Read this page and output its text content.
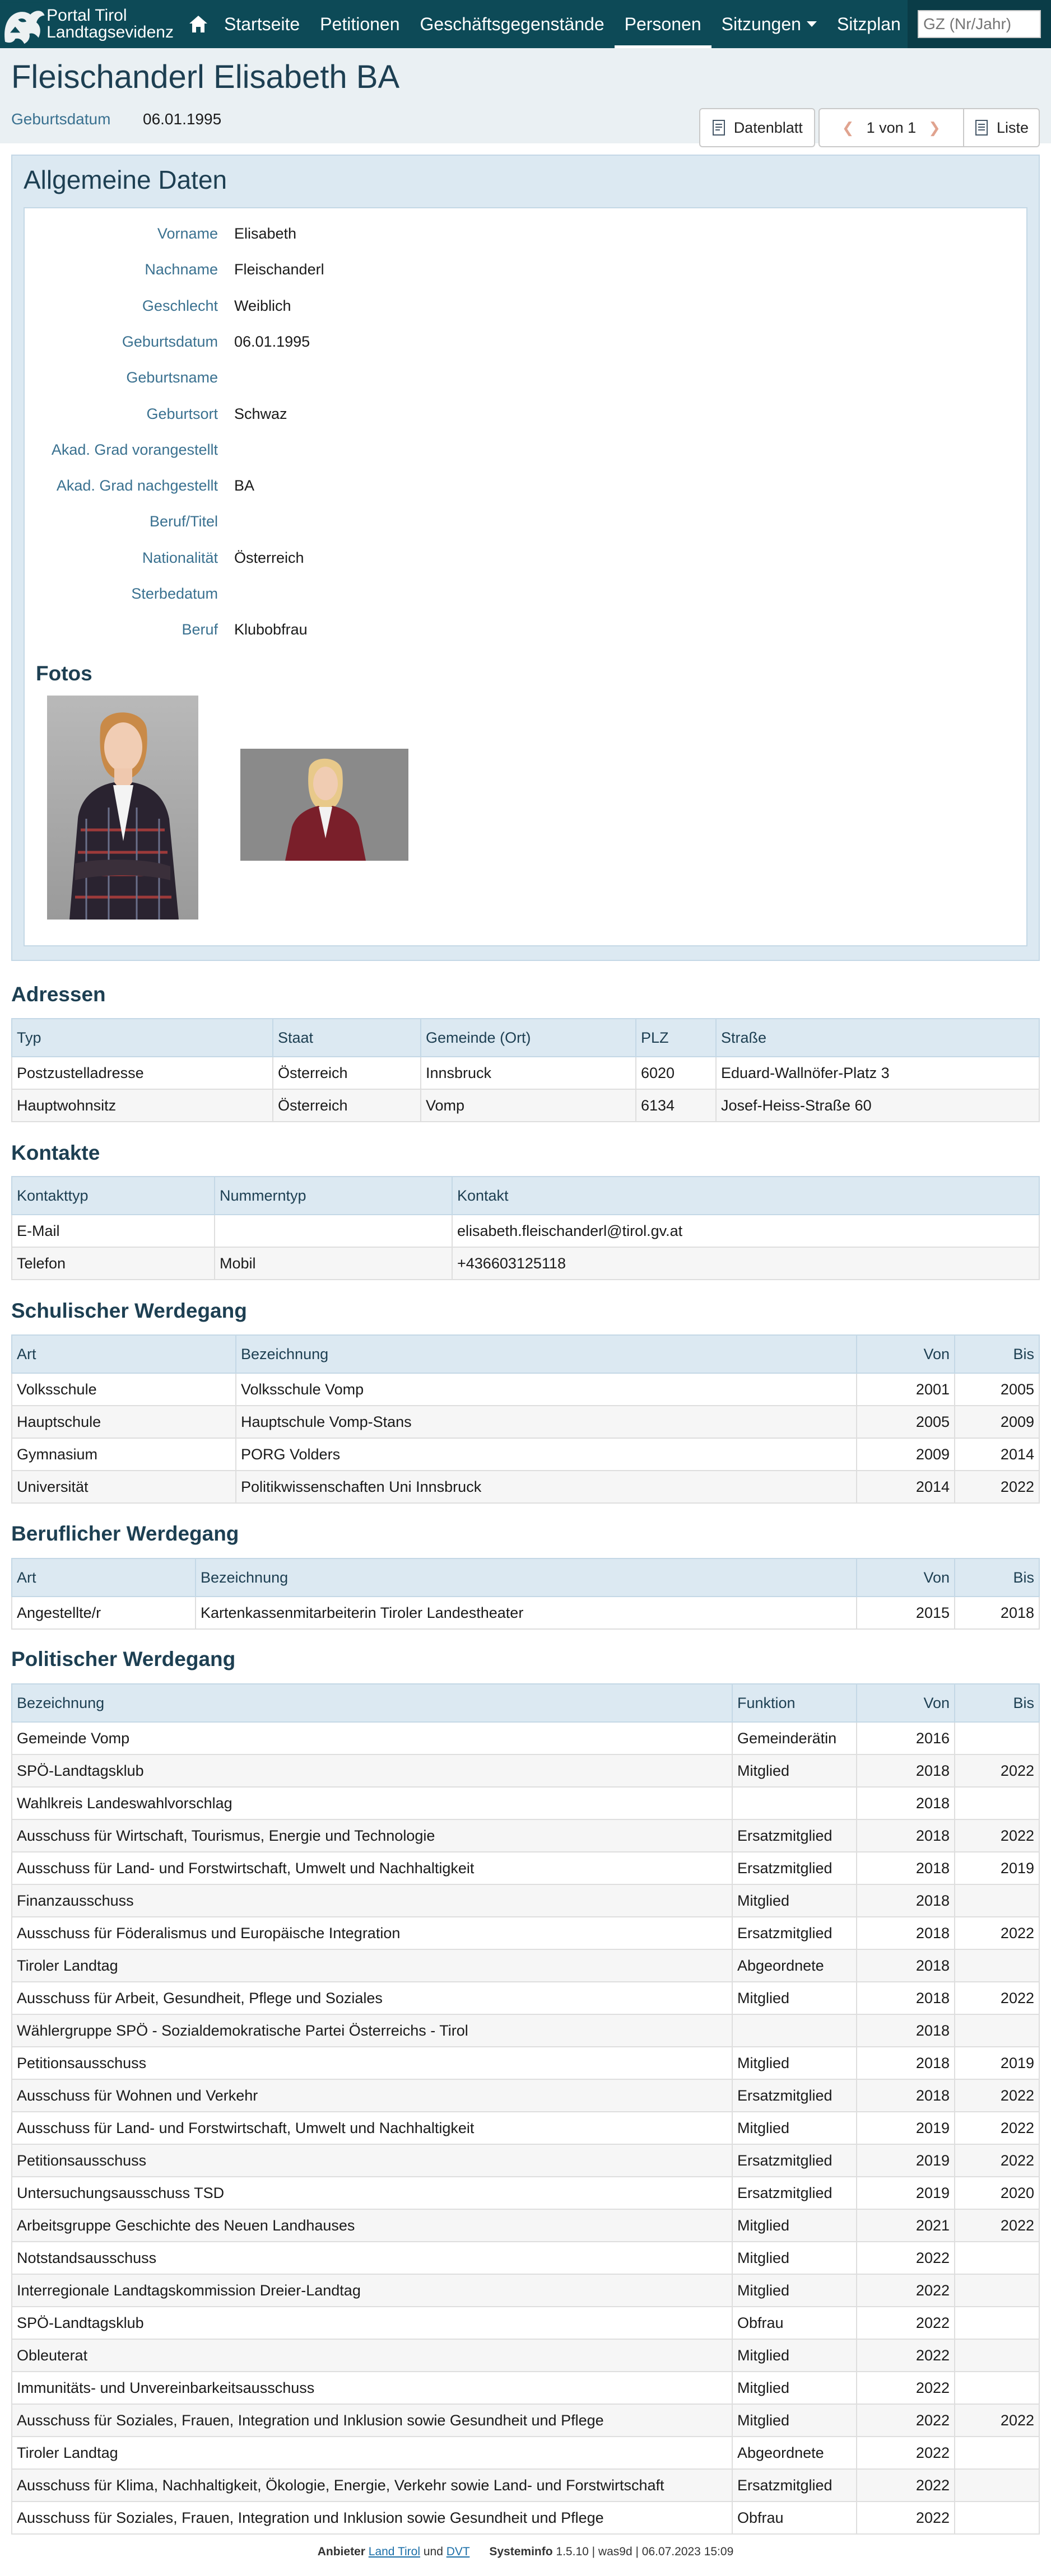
Portal Tirol
Landtagsevidenz	Startseite	Petitionen	Geschäftsgegenstände	Personen	Sitzungen	Sitzplan
GZ (Nr/Jahr)
Fleischanderl Elisabeth BA
Geburtsdatum 06.01.1995	Datenblatt	❮ 1 von 1 ❯	Liste
Allgemeine Daten
Vorname Elisabeth
Nachname Fleischanderl
Geschlecht Weiblich
Geburtsdatum 06.01.1995
Geburtsname
Geburtsort Schwaz
Akad. Grad vorangestellt
Akad. Grad nachgestellt BA
Beruf/Titel
Nationalität Österreich
Sterbedatum
Beruf Klubobfrau
Fotos
Adressen
Typ	Staat	Gemeinde (Ort)	PLZ	Straße
Postzustelladresse	Österreich	Innsbruck	6020	Eduard-Wallnöfer-Platz 3
Hauptwohnsitz	Österreich	Vomp	6134	Josef-Heiss-Straße 60
Kontakte
Kontakttyp	Nummerntyp	Kontakt
E-Mail		elisabeth.fleischanderl@tirol.gv.at
Telefon	Mobil	+436603125118
Schulischer Werdegang
Art	Bezeichnung	Von	Bis
Volksschule	Volksschule Vomp	2001	2005
Hauptschule	Hauptschule Vomp-Stans	2005	2009
Gymnasium	PORG Volders	2009	2014
Universität	Politikwissenschaften Uni Innsbruck	2014	2022
Beruflicher Werdegang
Art	Bezeichnung	Von	Bis
Angestellte/r	Kartenkassenmitarbeiterin Tiroler Landestheater	2015	2018
Politischer Werdegang
Bezeichnung	Funktion	Von	Bis
Gemeinde Vomp	Gemeinderätin	2016	
SPÖ-Landtagsklub	Mitglied	2018	2022
Wahlkreis Landeswahlvorschlag		2018	
Ausschuss für Wirtschaft, Tourismus, Energie und Technologie	Ersatzmitglied	2018	2022
Ausschuss für Land- und Forstwirtschaft, Umwelt und Nachhaltigkeit	Ersatzmitglied	2018	2019
Finanzausschuss	Mitglied	2018	
Ausschuss für Föderalismus und Europäische Integration	Ersatzmitglied	2018	2022
Tiroler Landtag	Abgeordnete	2018	
Ausschuss für Arbeit, Gesundheit, Pflege und Soziales	Mitglied	2018	2022
Wählergruppe SPÖ - Sozialdemokratische Partei Österreichs - Tirol		2018	
Petitionsausschuss	Mitglied	2018	2019
Ausschuss für Wohnen und Verkehr	Ersatzmitglied	2018	2022
Ausschuss für Land- und Forstwirtschaft, Umwelt und Nachhaltigkeit	Mitglied	2019	2022
Petitionsausschuss	Ersatzmitglied	2019	2022
Untersuchungsausschuss TSD	Ersatzmitglied	2019	2020
Arbeitsgruppe Geschichte des Neuen Landhauses	Mitglied	2021	2022
Notstandsausschuss	Mitglied	2022	
Interregionale Landtagskommission Dreier-Landtag	Mitglied	2022	
SPÖ-Landtagsklub	Obfrau	2022	
Obleuterat	Mitglied	2022	
Immunitäts- und Unvereinbarkeitsausschuss	Mitglied	2022	
Ausschuss für Soziales, Frauen, Integration und Inklusion sowie Gesundheit und Pflege	Mitglied	2022	2022
Tiroler Landtag	Abgeordnete	2022	
Ausschuss für Klima, Nachhaltigkeit, Ökologie, Energie, Verkehr sowie Land- und Forstwirtschaft	Ersatzmitglied	2022	
Ausschuss für Soziales, Frauen, Integration und Inklusion sowie Gesundheit und Pflege	Obfrau	2022	
Anbieter Land Tirol und DVT Systeminfo 1.5.10 | was9d | 06.07.2023 15:09
